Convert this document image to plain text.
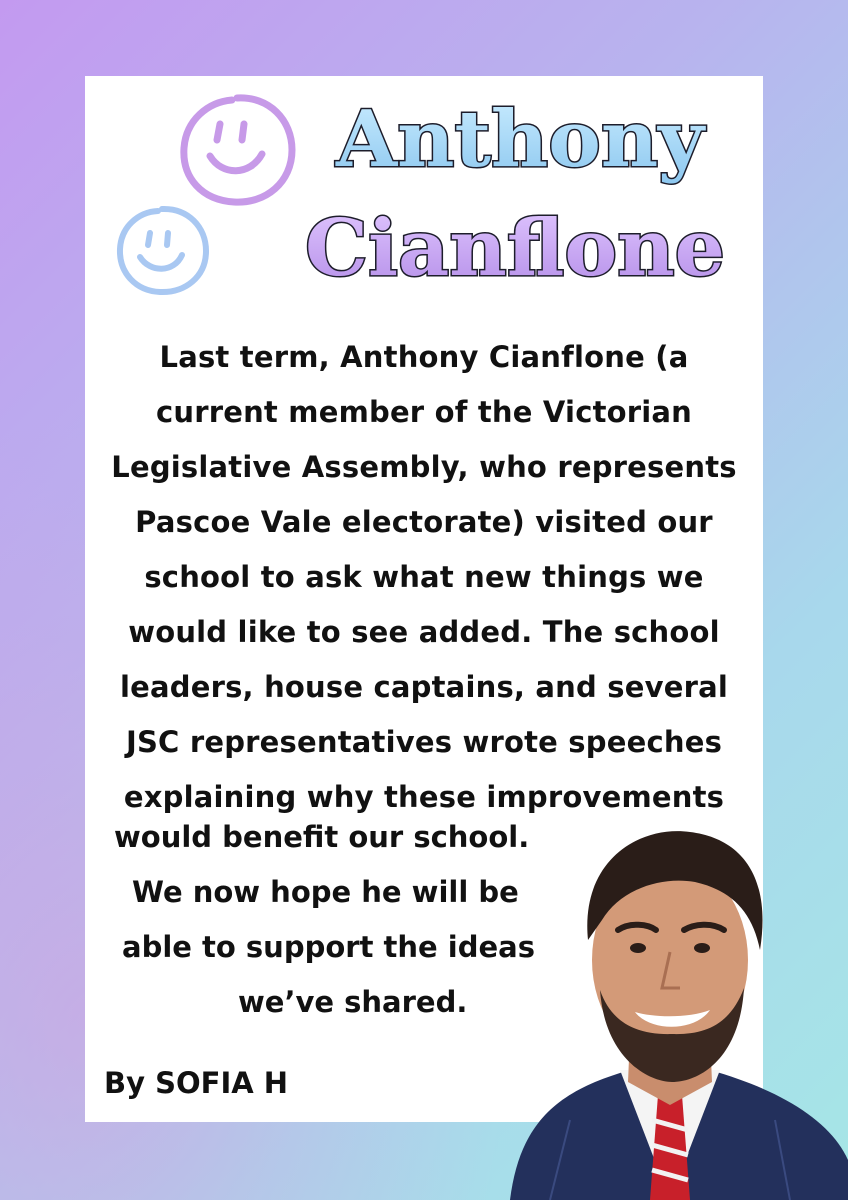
Anthony
Cianflone
Last term, Anthony Cianflone (a current member of the Victorian Legislative Assembly, who represents Pascoe Vale electorate) visited our school to ask what new things we would like to see added. The school leaders, house captains, and several JSC representatives wrote speeches explaining why these improvements
would benefit our school.
We now hope he will be
able to support the ideas
we’ve shared.
By SOFIA H
